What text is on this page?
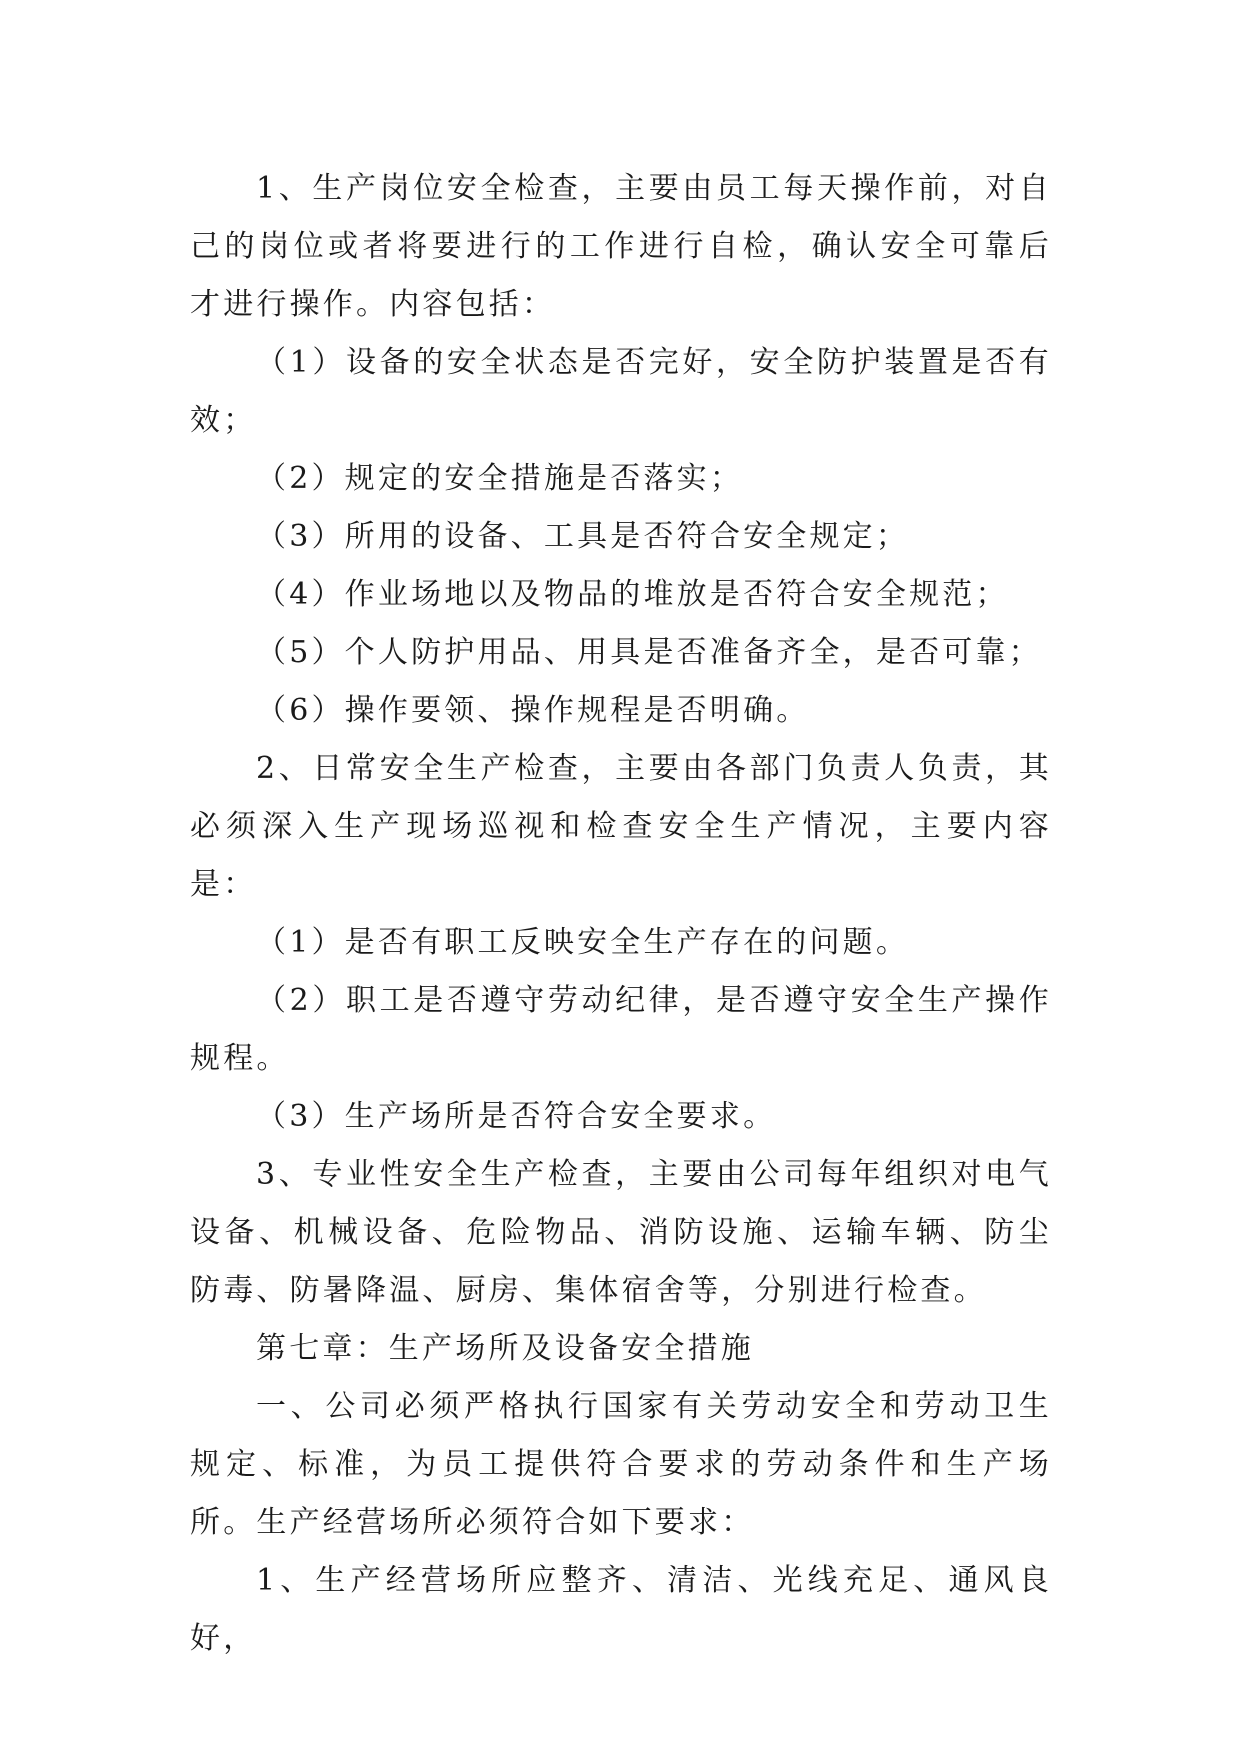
1、生产岗位安全检查，主要由员工每天操作前，对自己的岗位或者将要进行的工作进行自检，确认安全可靠后才进行操作。内容包括：

（1）设备的安全状态是否完好，安全防护装置是否有效；

（2）规定的安全措施是否落实；

（3）所用的设备、工具是否符合安全规定；

（4）作业场地以及物品的堆放是否符合安全规范；

（5）个人防护用品、用具是否准备齐全，是否可靠；

（6）操作要领、操作规程是否明确。

2、日常安全生产检查，主要由各部门负责人负责，其必须深入生产现场巡视和检查安全生产情况，主要内容是：

（1）是否有职工反映安全生产存在的问题。

（2）职工是否遵守劳动纪律，是否遵守安全生产操作规程。

（3）生产场所是否符合安全要求。

3、专业性安全生产检查，主要由公司每年组织对电气设备、机械设备、危险物品、消防设施、运输车辆、防尘防毒、防暑降温、厨房、集体宿舍等，分别进行检查。

第七章：生产场所及设备安全措施

一、公司必须严格执行国家有关劳动安全和劳动卫生规定、标准，为员工提供符合要求的劳动条件和生产场所。生产经营场所必须符合如下要求：

1、生产经营场所应整齐、清洁、光线充足、通风良好，
